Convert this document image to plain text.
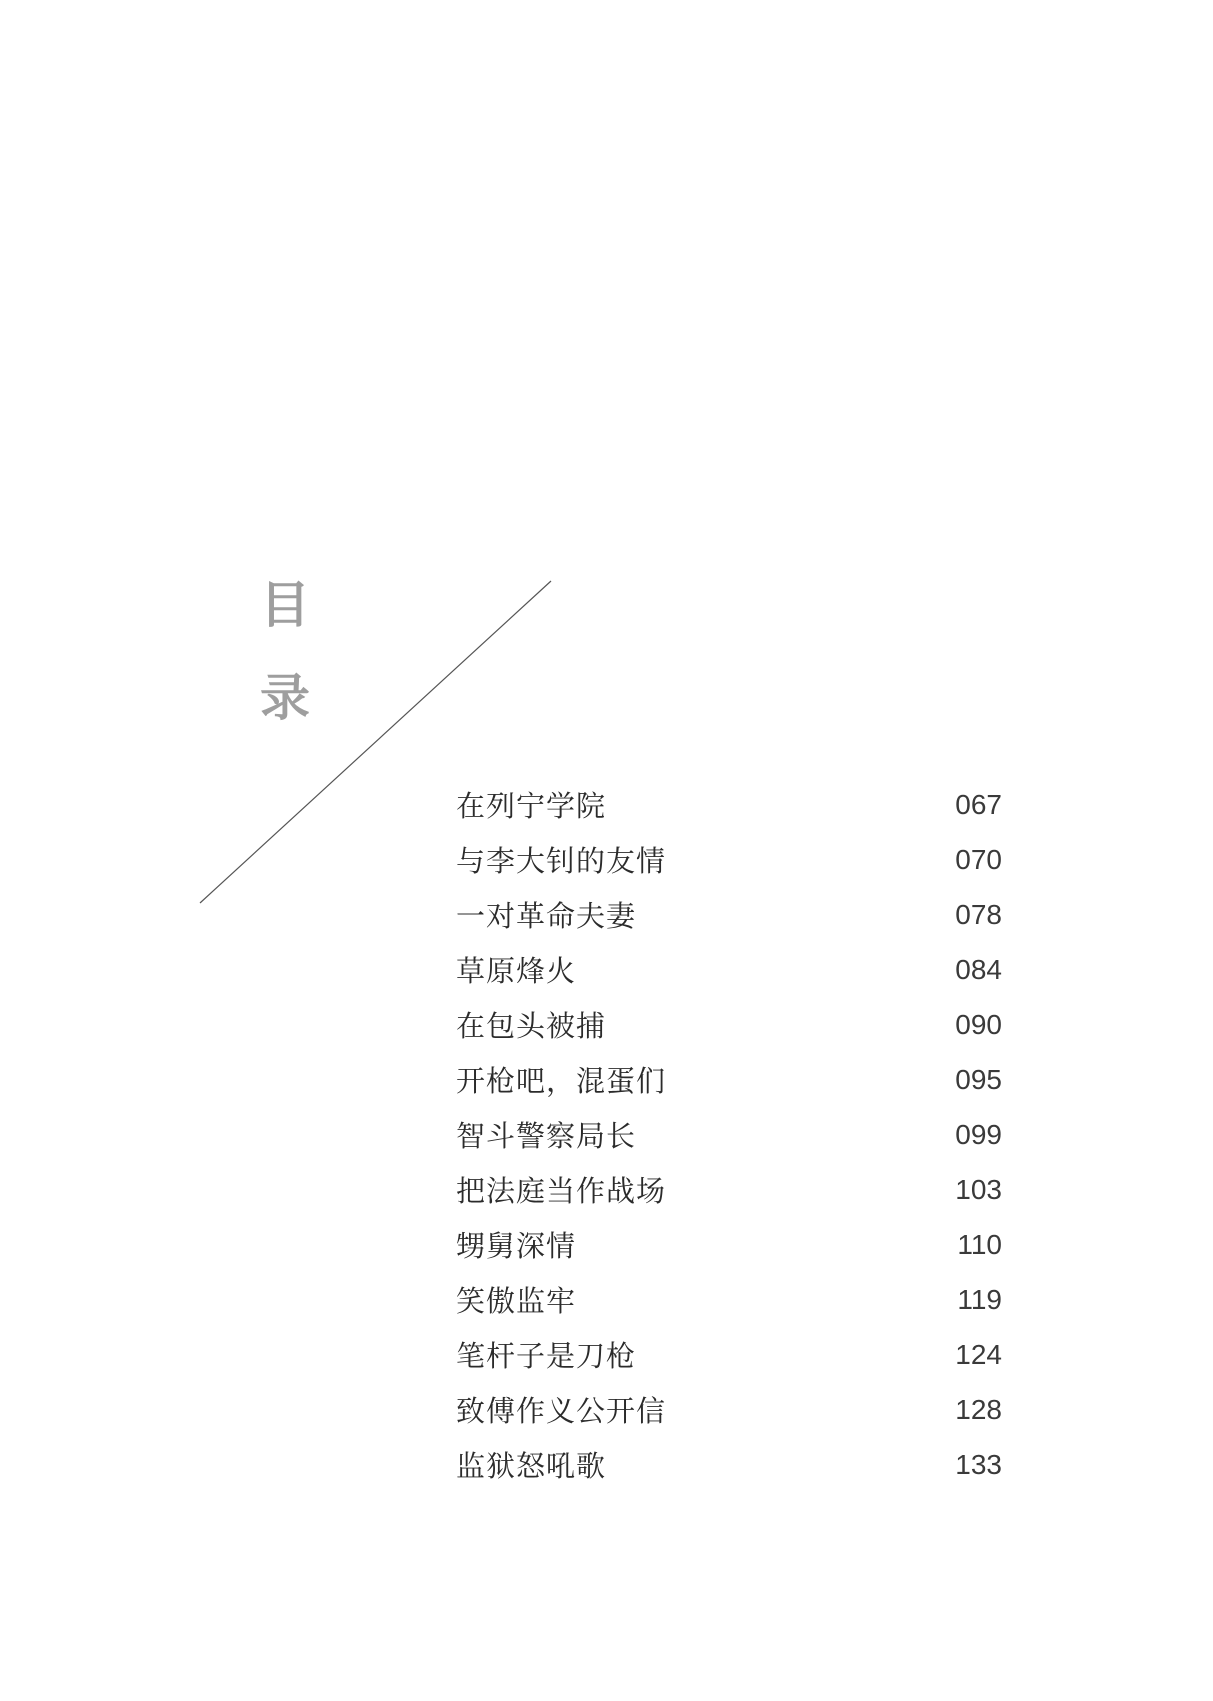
目
录
在列宁学院	067
与李大钊的友情	070
一对革命夫妻	078
草原烽火	084
在包头被捕	090
开枪吧，混蛋们	095
智斗警察局长	099
把法庭当作战场	103
甥舅深情	110
笑傲监牢	119
笔杆子是刀枪	124
致傅作义公开信	128
监狱怒吼歌	133
